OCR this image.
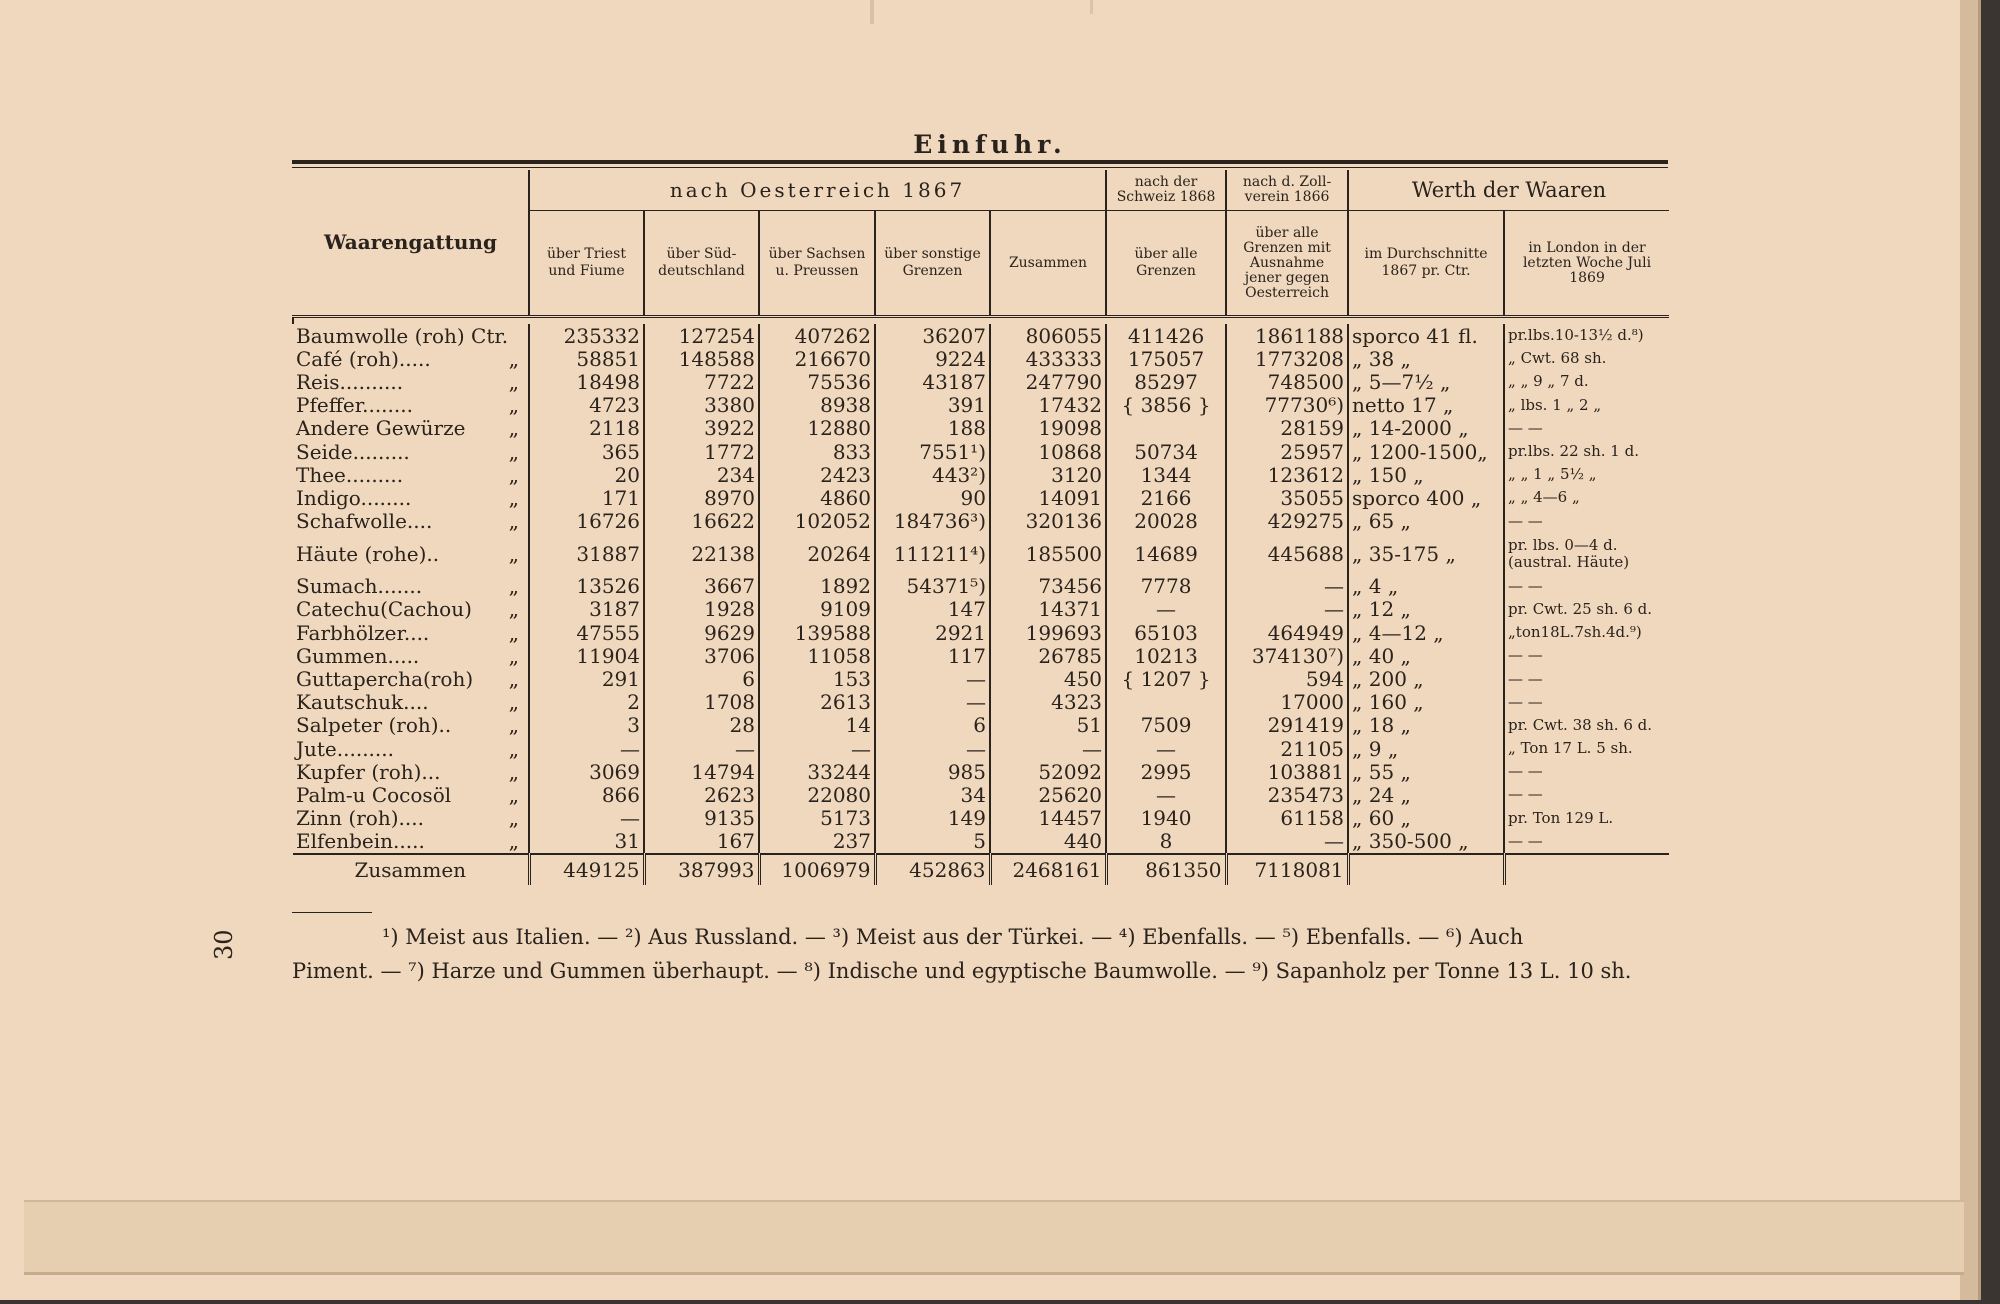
Einfuhr.
Waarengattung	nach Oesterreich 1867					nach der Schweiz 1868	nach d. Zoll-verein 1866	Werth der Waaren	
	über Triest und Fiume	über Süd-deutschland	über Sachsen u. Preussen	über sonstige Grenzen	Zusammen	über alle Grenzen	über alle Grenzen mit Ausnahme jener gegen Oesterreich	im Durchschnitte 1867 pr. Ctr.	in London in der letzten Woche Juli 1869

Baumwolle (roh) Ctr.	235332	127254	407262	36207	806055	411426	1861188	sporco 41 fl.	pr.lbs.10-13½ d.⁸)
Café (roh)..... „	58851	148588	216670	9224	433333	175057	1773208	„ 38 „	„ Cwt. 68 sh.
Reis.......... „	18498	7722	75536	43187	247790	85297	748500	„ 5—7½ „	„ „ 9 „ 7 d.
Pfeffer........ „	4723	3380	8938	391	17432	{ 3856 }	77730⁶)	netto 17 „	„ lbs. 1 „ 2 „
Andere Gewürze „	2118	3922	12880	188	19098		28159	„ 14-2000 „	— —
Seide......... „	365	1772	833	7551¹)	10868	50734	25957	„ 1200-1500„	pr.lbs. 22 sh. 1 d.
Thee......... „	20	234	2423	443²)	3120	1344	123612	„ 150 „	„ „ 1 „ 5½ „
Indigo........ „	171	8970	4860	90	14091	2166	35055	sporco 400 „	„ „ 4—6 „
Schafwolle.... „	16726	16622	102052	184736³)	320136	20028	429275	„ 65 „	— —
Häute (rohe).. „	31887	22138	20264	111211⁴)	185500	14689	445688	„ 35-175 „	pr. lbs. 0—4 d. (austral. Häute)
Sumach....... „	13526	3667	1892	54371⁵)	73456	7778	—	„ 4 „	— —
Catechu(Cachou) „	3187	1928	9109	147	14371	—	—	„ 12 „	pr. Cwt. 25 sh. 6 d.
Farbhölzer.... „	47555	9629	139588	2921	199693	65103	464949	„ 4—12 „	„ton18L.7sh.4d.⁹)
Gummen..... „	11904	3706	11058	117	26785	10213	374130⁷)	„ 40 „	— —
Guttapercha(roh) „	291	6	153	—	450	{ 1207 }	594	„ 200 „	— —
Kautschuk.... „	2	1708	2613	—	4323		17000	„ 160 „	— —
Salpeter (roh).. „	3	28	14	6	51	7509	291419	„ 18 „	pr. Cwt. 38 sh. 6 d.
Jute......... „	—	—	—	—	—	—	21105	„ 9 „	„ Ton 17 L. 5 sh.
Kupfer (roh)... „	3069	14794	33244	985	52092	2995	103881	„ 55 „	— —
Palm-u Cocosöl „	866	2623	22080	34	25620	—	235473	„ 24 „	— —
Zinn (roh).... „	—	9135	5173	149	14457	1940	61158	„ 60 „	pr. Ton 129 L.
Elfenbein..... „	31	167	237	5	440	8	—	„ 350-500 „	— —
Zusammen	449125	387993	1006979	452863	2468161	861350	7118081		
¹) Meist aus Italien. — ²) Aus Russland. — ³) Meist aus der Türkei. — ⁴) Ebenfalls. — ⁵) Ebenfalls. — ⁶) Auch
Piment. — ⁷) Harze und Gummen überhaupt. — ⁸) Indische und egyptische Baumwolle. — ⁹) Sapanholz per Tonne 13 L. 10 sh.
30
